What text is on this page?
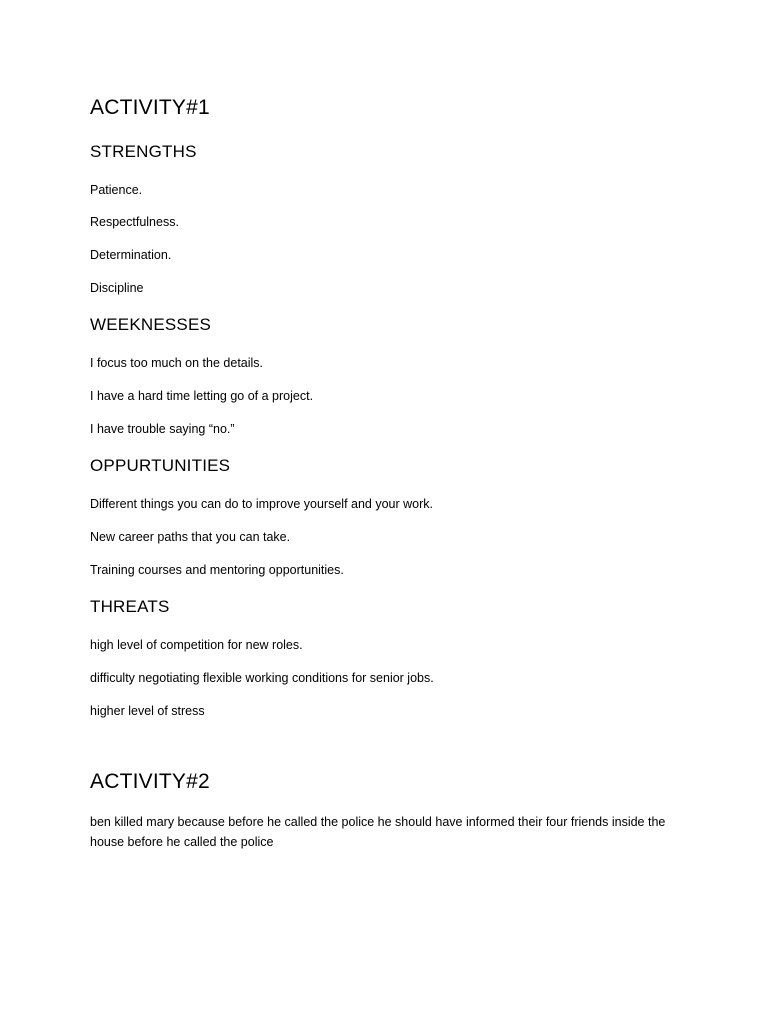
ACTIVITY#1
STRENGTHS
Patience.
Respectfulness.
Determination.
Discipline
WEEKNESSES
I focus too much on the details.
I have a hard time letting go of a project.
I have trouble saying “no.”
OPPURTUNITIES
Different things you can do to improve yourself and your work.
New career paths that you can take.
Training courses and mentoring opportunities.
THREATS
high level of competition for new roles.
difficulty negotiating flexible working conditions for senior jobs.
higher level of stress
ACTIVITY#2
ben killed mary because before he called the police he should have informed their four friends inside the house before he called the police
